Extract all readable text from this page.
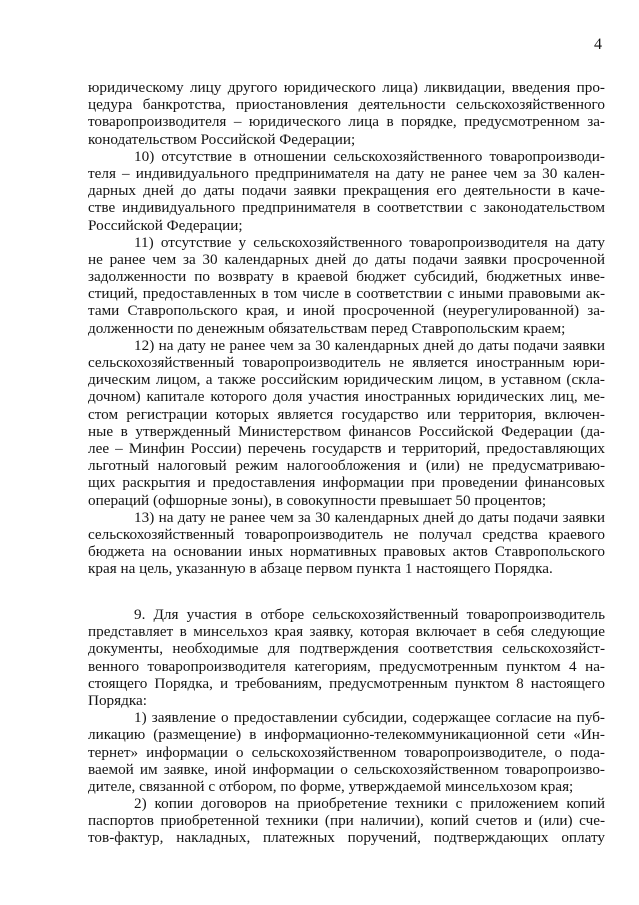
4
юридическому лицу другого юридического лица) ликвидации, введения про-
цедура банкротства, приостановления деятельности сельскохозяйственного
товаропроизводителя – юридического лица в порядке, предусмотренном за-
конодательством Российской Федерации;
10) отсутствие в отношении сельскохозяйственного товаропроизводи-
теля – индивидуального предпринимателя на дату не ранее чем за 30 кален-
дарных дней до даты подачи заявки прекращения его деятельности в каче-
стве индивидуального предпринимателя в соответствии с законодательством
Российской Федерации;
11) отсутствие у сельскохозяйственного товаропроизводителя на дату
не ранее чем за 30 календарных дней до даты подачи заявки просроченной
задолженности по возврату в краевой бюджет субсидий, бюджетных инве-
стиций, предоставленных в том числе в соответствии с иными правовыми ак-
тами Ставропольского края, и иной просроченной (неурегулированной) за-
долженности по денежным обязательствам перед Ставропольским краем;
12) на дату не ранее чем за 30 календарных дней до даты подачи заявки
сельскохозяйственный товаропроизводитель не является иностранным юри-
дическим лицом, а также российским юридическим лицом, в уставном (скла-
дочном) капитале которого доля участия иностранных юридических лиц, ме-
стом регистрации которых является государство или территория, включен-
ные в утвержденный Министерством финансов Российской Федерации (да-
лее – Минфин России) перечень государств и территорий, предоставляющих
льготный налоговый режим налогообложения и (или) не предусматриваю-
щих раскрытия и предоставления информации при проведении финансовых
операций (офшорные зоны), в совокупности превышает 50 процентов;
13) на дату не ранее чем за 30 календарных дней до даты подачи заявки
сельскохозяйственный товаропроизводитель не получал средства краевого
бюджета на основании иных нормативных правовых актов Ставропольского
края на цель, указанную в абзаце первом пункта 1 настоящего Порядка.
9. Для участия в отборе сельскохозяйственный товаропроизводитель
представляет в минсельхоз края заявку, которая включает в себя следующие
документы, необходимые для подтверждения соответствия сельскохозяйст-
венного товаропроизводителя категориям, предусмотренным пунктом 4 на-
стоящего Порядка, и требованиям, предусмотренным пунктом 8 настоящего
Порядка:
1) заявление о предоставлении субсидии, содержащее согласие на пуб-
ликацию (размещение) в информационно-телекоммуникационной сети «Ин-
тернет» информации о сельскохозяйственном товаропроизводителе, о пода-
ваемой им заявке, иной информации о сельскохозяйственном товаропроизво-
дителе, связанной с отбором, по форме, утверждаемой минсельхозом края;
2) копии договоров на приобретение техники с приложением копий
паспортов приобретенной техники (при наличии), копий счетов и (или) сче-
тов-фактур, накладных, платежных поручений, подтверждающих оплату
